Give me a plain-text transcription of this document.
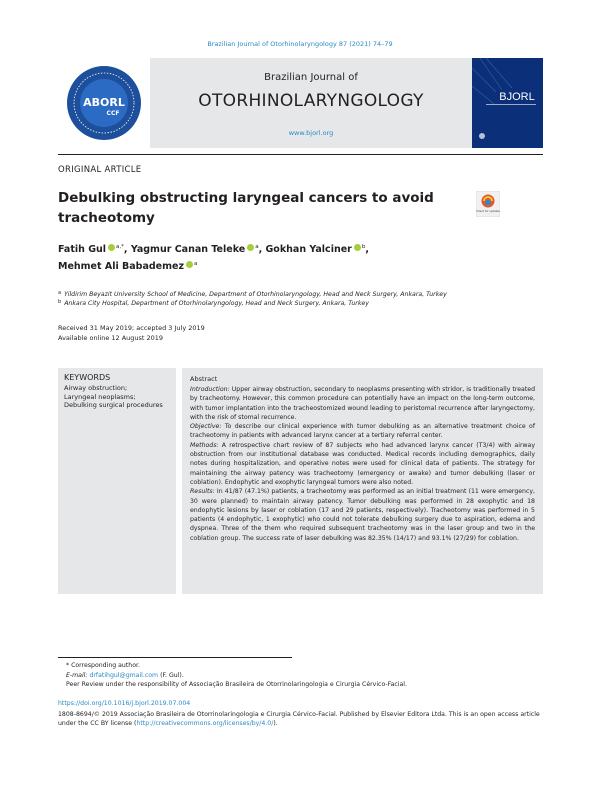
Brazilian Journal of Otorhinolaryngology 87 (2021) 74–79
ABORL
CCF
Brazilian Journal of
OTORHINOLARYNGOLOGY
www.bjorl.org
BJORL
ORIGINAL ARTICLE
Debulking obstructing laryngeal cancers to avoid tracheotomy	Check for updates
Fatih Gul $^{a,*}$, Yagmur Canan Teleke $^a$, Gokhan Yalciner $^b$,
Mehmet Ali Babademez $^a$
$^a$ Yildirim Beyazit University School of Medicine, Department of Otorhinolaryngology, Head and Neck Surgery, Ankara, Turkey
$^b$ Ankara City Hospital, Department of Otorhinolaryngology, Head and Neck Surgery, Ankara, Turkey
Received 31 May 2019; accepted 3 July 2019
Available online 12 August 2019
KEYWORDS
Airway obstruction;
Laryngeal neoplasms;
Debulking surgical procedures
Abstract
Introduction: Upper airway obstruction, secondary to neoplasms presenting with stridor, is traditionally treated by tracheotomy. However, this common procedure can potentially have an impact on the long-term outcome, with tumor implantation into the tracheostomized wound leading to peristomal recurrence after laryngectomy, with the risk of stomal recurrence.
Objective: To describe our clinical experience with tumor debulking as an alternative treatment choice of tracheotomy in patients with advanced larynx cancer at a tertiary referral center.
Methods: A retrospective chart review of 87 subjects who had advanced larynx cancer (T3/4) with airway obstruction from our institutional database was conducted. Medical records including demographics, daily notes during hospitalization, and operative notes were used for clinical data of patients. The strategy for maintaining the airway patency was tracheotomy (emergency or awake) and tumor debulking (laser or coblation). Endophytic and exophytic laryngeal tumors were also noted.
Results: In 41/87 (47.1%) patients, a tracheotomy was performed as an initial treatment (11 were emergency, 30 were planned) to maintain airway patency. Tumor debulking was performed in 28 exophytic and 18 endophytic lesions by laser or coblation (17 and 29 patients, respectively). Tracheotomy was performed in 5 patients (4 endophytic, 1 exophytic) who could not tolerate debulking surgery due to aspiration, edema and dyspnea. Three of the them who required subsequent tracheotomy was in the laser group and two in the coblation group. The success rate of laser debulking was 82.35% (14/17) and 93.1% (27/29) for coblation.
* Corresponding author.
E-mail: drfatihgul@gmail.com (F. Gul).
Peer Review under the responsibility of Associação Brasileira de Otorrinolaringologia e Cirurgia Cérvico-Facial.
https://doi.org/10.1016/j.bjorl.2019.07.004
1808-8694/© 2019 Associação Brasileira de Otorrinolaringologia e Cirurgia Cérvico-Facial. Published by Elsevier Editora Ltda. This is an open access article under the CC BY license (http://creativecommons.org/licenses/by/4.0/).
